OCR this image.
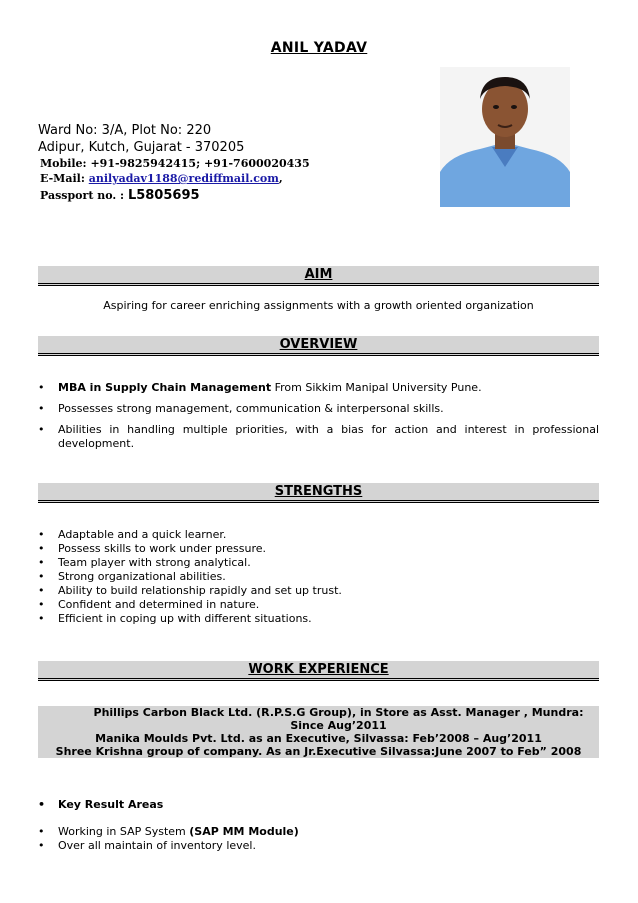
ANIL YADAV
Ward No: 3/A, Plot No: 220
Adipur, Kutch, Gujarat - 370205
Mobile: +91-9825942415; +91-7600020435
E-Mail: anilyadav1188@rediffmail.com,
Passport no. : L5805695
AIM
Aspiring for career enriching assignments with a growth oriented organization
OVERVIEW
• MBA in Supply Chain Management From Sikkim Manipal University Pune.
• Possesses strong management, communication & interpersonal skills.
• Abilities in handling multiple priorities, with a bias for action and interest in professional development.
STRENGTHS
• Adaptable and a quick learner.
• Possess skills to work under pressure.
• Team player with strong analytical.
• Strong organizational abilities.
• Ability to build relationship rapidly and set up trust.
• Confident and determined in nature.
• Efficient in coping up with different situations.
WORK EXPERIENCE
Phillips Carbon Black Ltd. (R.P.S.G Group), in Store as Asst. Manager , Mundra: Since Aug’2011
Manika Moulds Pvt. Ltd. as an Executive, Silvassa: Feb’2008 – Aug’2011
Shree Krishna group of company. As an Jr.Executive Silvassa:June 2007 to Feb” 2008
• Key Result Areas
• Working in SAP System (SAP MM Module)
• Over all maintain of inventory level.
